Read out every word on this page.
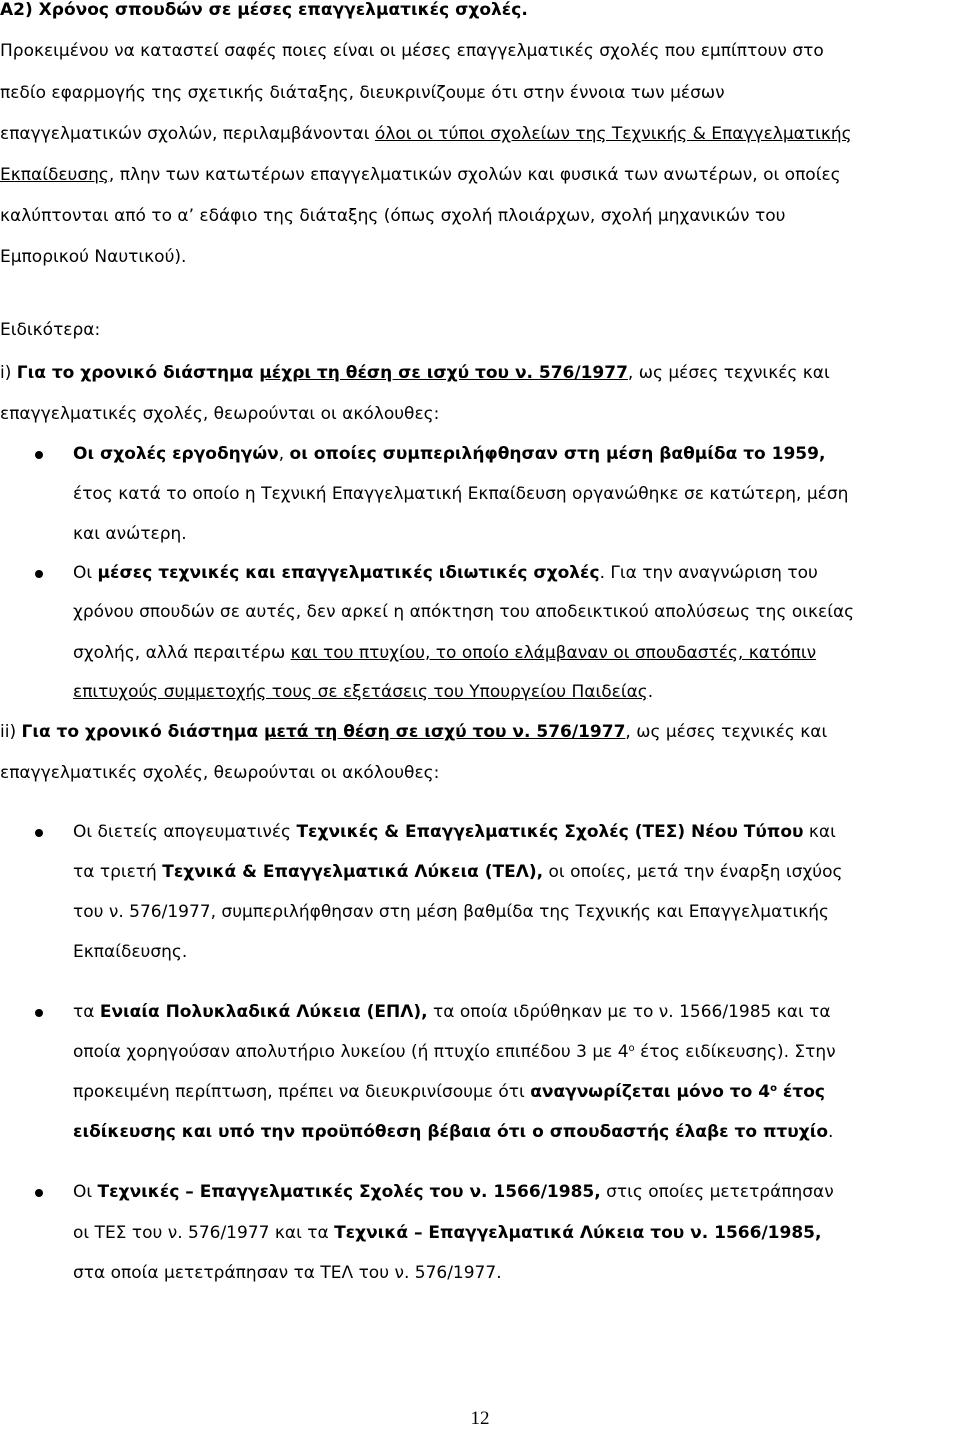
A2) Χρόνος σπουδών σε μέσες επαγγελματικές σχολές.
Προκειμένου να καταστεί σαφές ποιες είναι οι μέσες επαγγελματικές σχολές που εμπίπτουν στο
πεδίο εφαρμογής της σχετικής διάταξης, διευκρινίζουμε ότι στην έννοια των μέσων
επαγγελματικών σχολών, περιλαμβάνονται όλοι οι τύποι σχολείων της Τεχνικής & Επαγγελματικής
Εκπαίδευσης, πλην των κατωτέρων επαγγελματικών σχολών και φυσικά των ανωτέρων, οι οποίες
καλύπτονται από το α’ εδάφιο της διάταξης (όπως σχολή πλοιάρχων, σχολή μηχανικών του
Εμπορικού Ναυτικού).
Ειδικότερα:
i) Για το χρονικό διάστημα μέχρι τη θέση σε ισχύ του ν. 576/1977, ως μέσες τεχνικές και
επαγγελματικές σχολές, θεωρούνται οι ακόλουθες:
Οι σχολές εργοδηγών, οι οποίες συμπεριλήφθησαν στη μέση βαθμίδα το 1959,
έτος κατά το οποίο η Τεχνική Επαγγελματική Εκπαίδευση οργανώθηκε σε κατώτερη, μέση
και ανώτερη.
Οι μέσες τεχνικές και επαγγελματικές ιδιωτικές σχολές. Για την αναγνώριση του
χρόνου σπουδών σε αυτές, δεν αρκεί η απόκτηση του αποδεικτικού απολύσεως της οικείας
σχολής, αλλά περαιτέρω και του πτυχίου, το οποίο ελάμβαναν οι σπουδαστές, κατόπιν
επιτυχούς συμμετοχής τους σε εξετάσεις του Υπουργείου Παιδείας.
ii) Για το χρονικό διάστημα μετά τη θέση σε ισχύ του ν. 576/1977, ως μέσες τεχνικές και
επαγγελματικές σχολές, θεωρούνται οι ακόλουθες:
Οι διετείς απογευματινές Τεχνικές & Επαγγελματικές Σχολές (ΤΕΣ) Νέου Τύπου και
τα τριετή Τεχνικά & Επαγγελματικά Λύκεια (ΤΕΛ), οι οποίες, μετά την έναρξη ισχύος
του ν. 576/1977, συμπεριλήφθησαν στη μέση βαθμίδα της Τεχνικής και Επαγγελματικής
Εκπαίδευσης.
τα Ενιαία Πολυκλαδικά Λύκεια (ΕΠΛ), τα οποία ιδρύθηκαν με το ν. 1566/1985 και τα
οποία χορηγούσαν απολυτήριο λυκείου (ή πτυχίο επιπέδου 3 με $4^o$ έτος ειδίκευσης). Στην
προκειμένη περίπτωση, πρέπει να διευκρινίσουμε ότι αναγνωρίζεται μόνο το $4^o$ έτος
ειδίκευσης και υπό την προϋπόθεση βέβαια ότι ο σπουδαστής έλαβε το πτυχίο.
Οι Τεχνικές – Επαγγελματικές Σχολές του ν. 1566/1985, στις οποίες μετετράπησαν
οι ΤΕΣ του ν. 576/1977 και τα Τεχνικά – Επαγγελματικά Λύκεια του ν. 1566/1985,
στα οποία μετετράπησαν τα ΤΕΛ του ν. 576/1977.
12
